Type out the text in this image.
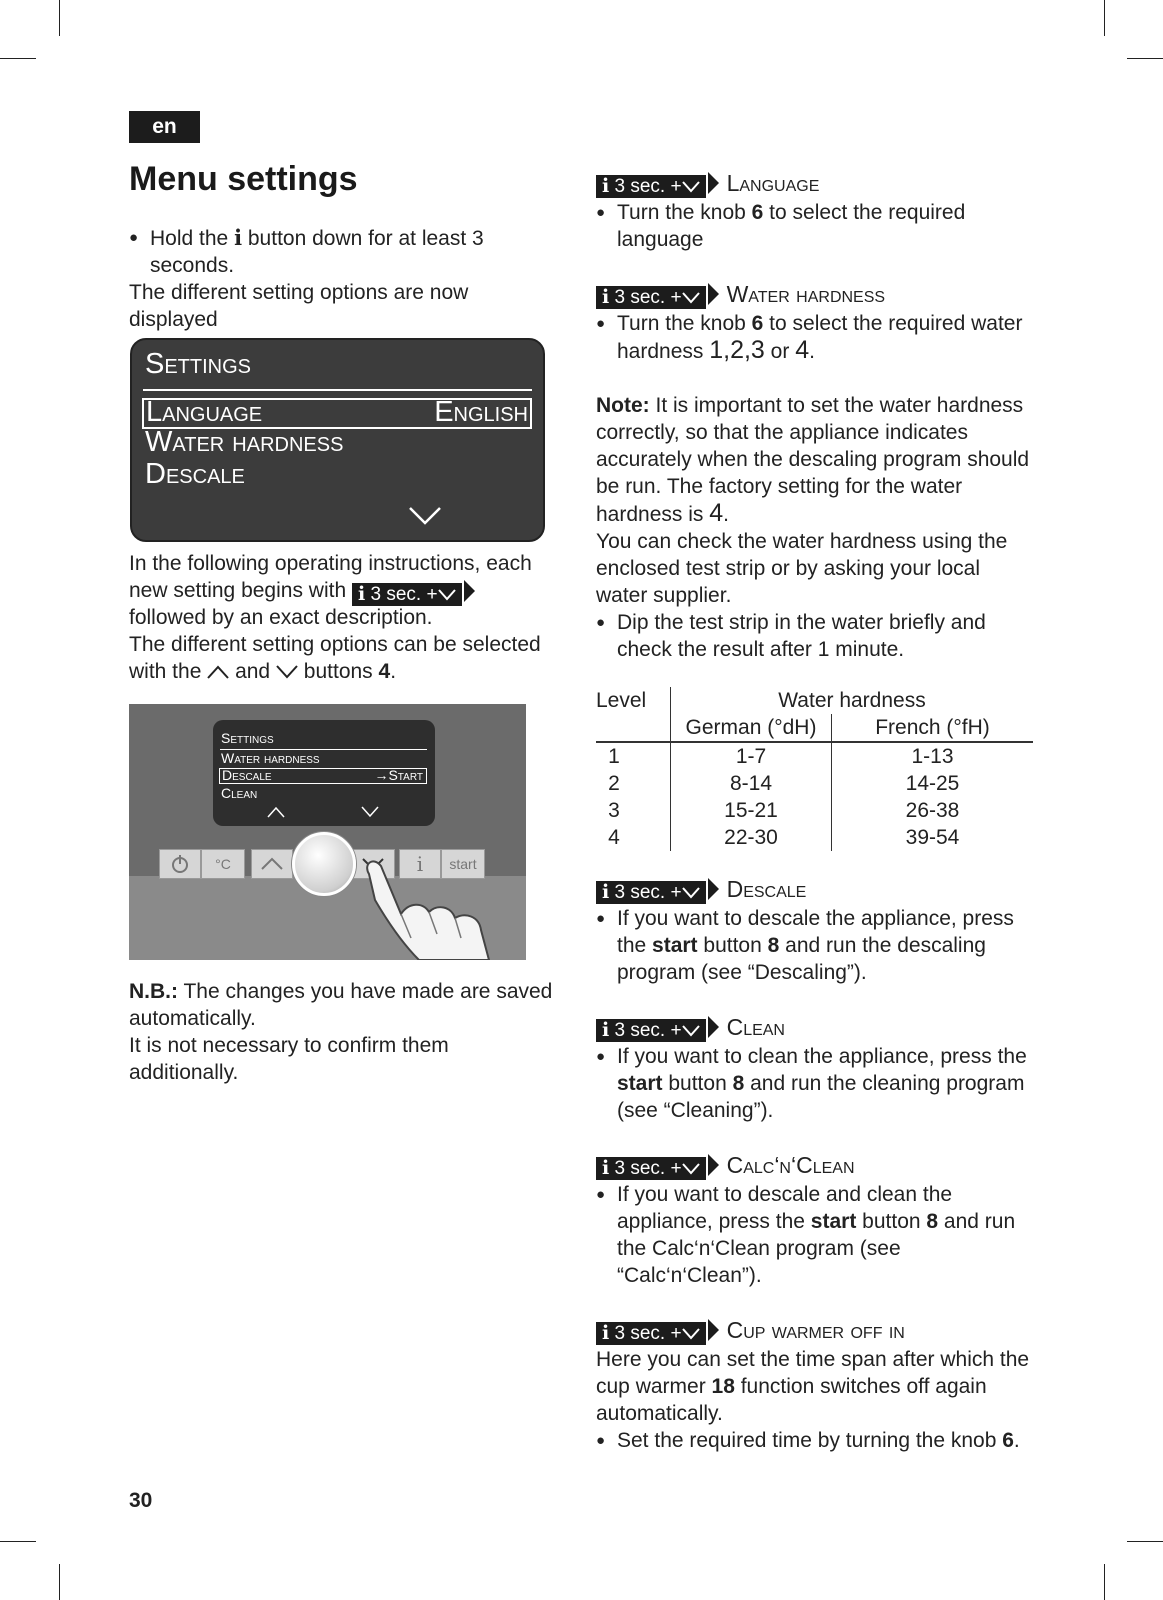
en
Menu settings
● Hold the i button down for at least 3 seconds.
The different setting options are now displayed
Settings
Language	English
Water hardness
Descale
In the following operating instructions, each new setting begins with i 3 sec. +
followed by an exact description.
The different setting options can be selected with the and buttons 4.
Settings
Water hardness
Descale	→Start
Clean
°C	i	start
N.B.: The changes you have made are saved automatically.
It is not necessary to confirm them additionally.
30
i 3 sec. + Language
● Turn the knob 6 to select the required language
i 3 sec. + Water hardness
● Turn the knob 6 to select the required water hardness 1,2,3 or 4.
Note: It is important to set the water hardness correctly, so that the appliance indicates accurately when the descaling program should be run. The factory setting for the water hardness is 4.
You can check the water hardness using the enclosed test strip or by asking your local water supplier.
● Dip the test strip in the water briefly and check the result after 1 minute.
Level	Water hardness	
	German (°dH)	French (°fH)
1	1-7	1-13
2	8-14	14-25
3	15-21	26-38
4	22-30	39-54
i 3 sec. + Descale
● If you want to descale the appliance, press the start button 8 and run the descaling program (see “Descaling”).
i 3 sec. + Clean
● If you want to clean the appliance, press the start button 8 and run the cleaning program (see “Cleaning”).
i 3 sec. + Calc‘n‘Clean
● If you want to descale and clean the appliance, press the start button 8 and run the Calc‘n‘Clean program (see “Calc‘n‘Clean”).
i 3 sec. + Cup warmer off in
Here you can set the time span after which the cup warmer 18 function switches off again automatically.
● Set the required time by turning the knob 6.
